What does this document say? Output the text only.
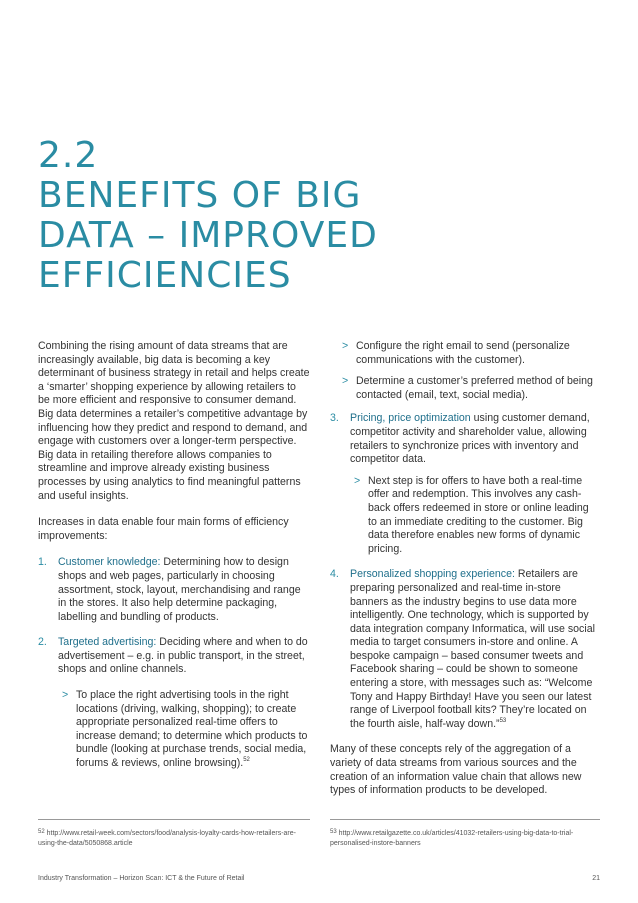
2.2
BENEFITS OF BIG
DATA – IMPROVED
EFFICIENCIES

Combining the rising amount of data streams that are increasingly available, big data is becoming a key determinant of business strategy in retail and helps create a ‘smarter’ shopping experience by allowing retailers to be more efficient and responsive to consumer demand. Big data determines a retailer’s competitive advantage by influencing how they predict and respond to demand, and engage with customers over a longer-term perspective. Big data in retailing therefore allows companies to streamline and improve already existing business processes by using analytics to find meaningful patterns and useful insights.

Increases in data enable four main forms of efficiency improvements:

1. Customer knowledge: Determining how to design shops and web pages, particularly in choosing assortment, stock, layout, merchandising and range in the stores. It also help determine packaging, labelling and bundling of products.
2. Targeted advertising: Deciding where and when to do advertisement – e.g. in public transport, in the street, shops and online channels.
> To place the right advertising tools in the right locations (driving, walking, shopping); to create appropriate personalized real-time offers to increase demand; to determine which products to bundle (looking at purchase trends, social media, forums & reviews, online browsing).$^{52}$
> Configure the right email to send (personalize communications with the customer).
> Determine a customer’s preferred method of being contacted (email, text, social media).
3. Pricing, price optimization using customer demand, competitor activity and shareholder value, allowing retailers to synchronize prices with inventory and competitor data.
> Next step is for offers to have both a real-time offer and redemption. This involves any cash-back offers redeemed in store or online leading to an immediate crediting to the customer. Big data therefore enables new forms of dynamic pricing.
4. Personalized shopping experience: Retailers are preparing personalized and real-time in-store banners as the industry begins to use data more intelligently. One technology, which is supported by data integration company Informatica, will use social media to target consumers in-store and online. A bespoke campaign – based consumer tweets and Facebook sharing – could be shown to someone entering a store, with messages such as: “Welcome Tony and Happy Birthday! Have you seen our latest range of Liverpool football kits? They’re located on the fourth aisle, half-way down.”$^{53}$

Many of these concepts rely of the aggregation of a variety of data streams from various sources and the creation of an information value chain that allows new types of information products to be developed.

$^{52}$ http://www.retail-week.com/sectors/food/analysis-loyalty-cards-how-retailers-are-using-the-data/5050868.article
$^{53}$ http://www.retailgazette.co.uk/articles/41032-retailers-using-big-data-to-trial-personalised-instore-banners
Industry Transformation – Horizon Scan: ICT & the Future of Retail	21
